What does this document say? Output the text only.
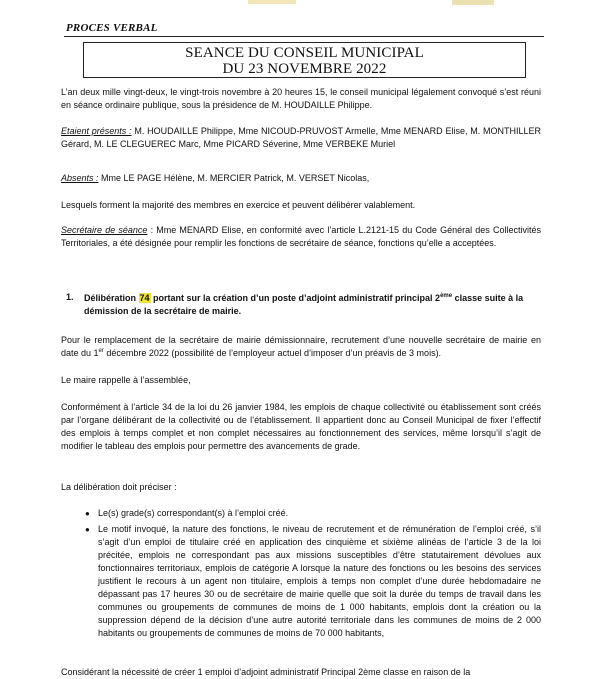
PROCES VERBAL
SEANCE DU CONSEIL MUNICIPAL
DU 23 NOVEMBRE 2022

L’an deux mille vingt-deux, le vingt-trois novembre à 20 heures 15, le conseil municipal légalement convoqué s’est réuni en séance ordinaire publique, sous la présidence de M. HOUDAILLE Philippe.

Etaient présents : M. HOUDAILLE Philippe, Mme NICOUD-PRUVOST Armelle, Mme MENARD Elise, M. MONTHILLER Gérard, M. LE CLEGUEREC Marc, Mme PICARD Séverine, Mme VERBEKE Muriel

Absents : Mme LE PAGE Hélène, M. MERCIER Patrick, M. VERSET Nicolas,

Lesquels forment la majorité des membres en exercice et peuvent délibérer valablement.

Secrétaire de séance : Mme MENARD Elise, en conformité avec l’article L.2121-15 du Code Général des Collectivités Territoriales, a été désignée pour remplir les fonctions de secrétaire de séance, fonctions qu’elle a acceptées.

1. Délibération 74 portant sur la création d’un poste d’adjoint administratif principal 2ème classe suite à la démission de la secrétaire de mairie.

Pour le remplacement de la secrétaire de mairie démissionnaire, recrutement d’une nouvelle secrétaire de mairie en date du 1er décembre 2022 (possibilité de l’employeur actuel d’imposer d’un préavis de 3 mois).

Le maire rappelle à l’assemblée,

Conformément à l’article 34 de la loi du 26 janvier 1984, les emplois de chaque collectivité ou établissement sont créés par l’organe délibérant de la collectivité ou de l’établissement. Il appartient donc au Conseil Municipal de fixer l’effectif des emplois à temps complet et non complet nécessaires au fonctionnement des services, même lorsqu’il s’agit de modifier le tableau des emplois pour permettre des avancements de grade.

La délibération doit préciser :

● Le(s) grade(s) correspondant(s) à l’emploi créé.

● Le motif invoqué, la nature des fonctions, le niveau de recrutement et de rémunération de l’emploi créé, s’il s’agit d’un emploi de titulaire créé en application des cinquième et sixième alinéas de l’article 3 de la loi précitée, emplois ne correspondant pas aux missions susceptibles d’être statutairement dévolues aux fonctionnaires territoriaux, emplois de catégorie A lorsque la nature des fonctions ou les besoins des services justifient le recours à un agent non titulaire, emplois à temps non complet d’une durée hebdomadaire ne dépassant pas 17 heures 30 ou de secrétaire de mairie quelle que soit la durée du temps de travail dans les communes ou groupements de communes de moins de 1 000 habitants, emplois dont la création ou la suppression dépend de la décision d’une autre autorité territoriale dans les communes de moins de 2 000 habitants ou groupements de communes de moins de 70 000 habitants,

Considérant la nécessité de créer 1 emploi d’adjoint administratif Principal 2ème classe en raison de la
